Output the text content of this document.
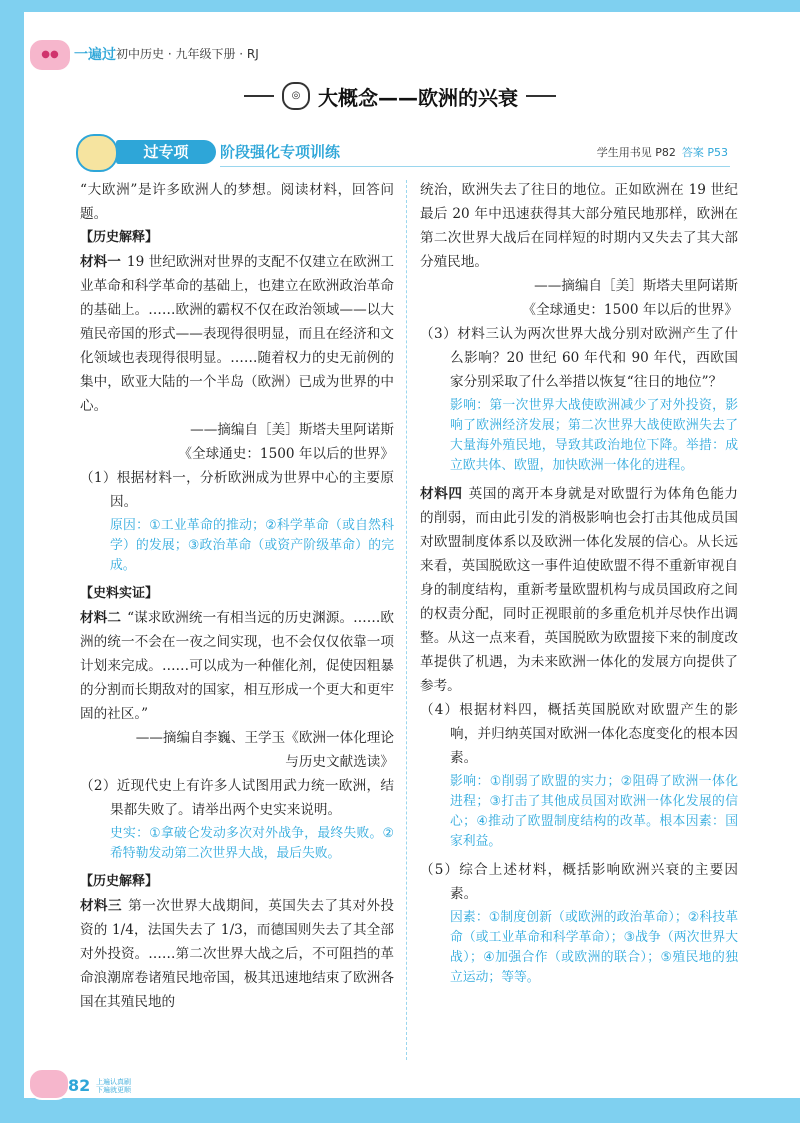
●●	一遍过 初中历史 · 九年级下册 · RJ
◎ 大概念——欧洲的兴衰
过专项	阶段强化专项训练	学生用书见 P82 答案 P53

“大欧洲”是许多欧洲人的梦想。阅读材料，回答问题。

【历史解释】

材料一 19 世纪欧洲对世界的支配不仅建立在欧洲工业革命和科学革命的基础上，也建立在欧洲政治革命的基础上。……欧洲的霸权不仅在政治领域——以大殖民帝国的形式——表现得很明显，而且在经济和文化领域也表现得很明显。……随着权力的史无前例的集中，欧亚大陆的一个半岛（欧洲）已成为世界的中心。

——摘编自［美］斯塔夫里阿诺斯

《全球通史：1500 年以后的世界》

（1）根据材料一，分析欧洲成为世界中心的主要原因。

原因：①工业革命的推动；②科学革命（或自然科学）的发展；③政治革命（或资产阶级革命）的完成。

【史料实证】

材料二 “谋求欧洲统一有相当远的历史渊源。……欧洲的统一不会在一夜之间实现，也不会仅仅依靠一项计划来完成。……可以成为一种催化剂，促使因粗暴的分割而长期敌对的国家，相互形成一个更大和更牢固的社区。”

——摘编自李巍、王学玉《欧洲一体化理论

与历史文献选读》

（2）近现代史上有许多人试图用武力统一欧洲，结果都失败了。请举出两个史实来说明。

史实：①拿破仑发动多次对外战争，最终失败。②希特勒发动第二次世界大战，最后失败。

【历史解释】

材料三 第一次世界大战期间，英国失去了其对外投资的 1/4，法国失去了 1/3，而德国则失去了其全部对外投资。……第二次世界大战之后，不可阻挡的革命浪潮席卷诸殖民地帝国，极其迅速地结束了欧洲各国在其殖民地的

统治，欧洲失去了往日的地位。正如欧洲在 19 世纪最后 20 年中迅速获得其大部分殖民地那样，欧洲在第二次世界大战后在同样短的时期内又失去了其大部分殖民地。

——摘编自［美］斯塔夫里阿诺斯

《全球通史：1500 年以后的世界》

（3）材料三认为两次世界大战分别对欧洲产生了什么影响？20 世纪 60 年代和 90 年代，西欧国家分别采取了什么举措以恢复“往日的地位”？

影响：第一次世界大战使欧洲减少了对外投资，影响了欧洲经济发展；第二次世界大战使欧洲失去了大量海外殖民地，导致其政治地位下降。举措：成立欧共体、欧盟，加快欧洲一体化的进程。

材料四 英国的离开本身就是对欧盟行为体角色能力的削弱，而由此引发的消极影响也会打击其他成员国对欧盟制度体系以及欧洲一体化发展的信心。从长远来看，英国脱欧这一事件迫使欧盟不得不重新审视自身的制度结构，重新考量欧盟机构与成员国政府之间的权责分配，同时正视眼前的多重危机并尽快作出调整。从这一点来看，英国脱欧为欧盟接下来的制度改革提供了机遇，为未来欧洲一体化的发展方向提供了参考。

（4）根据材料四，概括英国脱欧对欧盟产生的影响，并归纳英国对欧洲一体化态度变化的根本因素。

影响：①削弱了欧盟的实力；②阻碍了欧洲一体化进程；③打击了其他成员国对欧洲一体化发展的信心；④推动了欧盟制度结构的改革。根本因素：国家利益。

（5）综合上述材料，概括影响欧洲兴衰的主要因素。

因素：①制度创新（或欧洲的政治革命）；②科技革命（或工业革命和科学革命）；③战争（两次世界大战）；④加强合作（或欧洲的联合）；⑤殖民地的独立运动；等等。

82 上遍认真刷 下遍就更顺
